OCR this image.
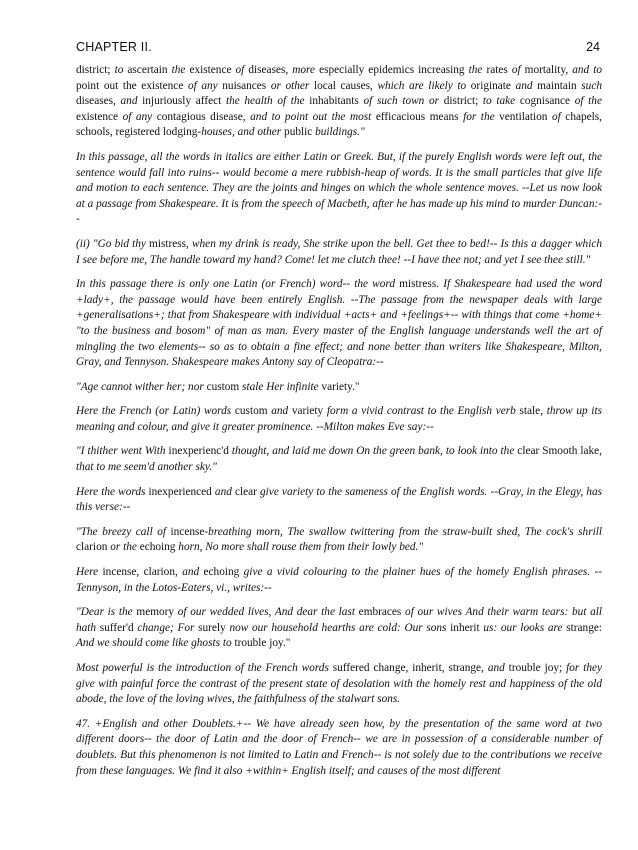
CHAPTER II.	24

district; to ascertain the existence of diseases, more especially epidemics increasing the rates of mortality, and to point out the existence of any nuisances or other local causes, which are likely to originate and maintain such diseases, and injuriously affect the health of the inhabitants of such town or district; to take cognisance of the existence of any contagious disease, and to point out the most efficacious means for the ventilation of chapels, schools, registered lodging-houses, and other public buildings."

In this passage, all the words in italics are either Latin or Greek. But, if the purely English words were left out, the sentence would fall into ruins-- would become a mere rubbish-heap of words. It is the small particles that give life and motion to each sentence. They are the joints and hinges on which the whole sentence moves. --Let us now look at a passage from Shakespeare. It is from the speech of Macbeth, after he has made up his mind to murder Duncan:--

(ii) "Go bid thy mistress, when my drink is ready, She strike upon the bell. Get thee to bed!-- Is this a dagger which I see before me, The handle toward my hand? Come! let me clutch thee! --I have thee not; and yet I see thee still."

In this passage there is only one Latin (or French) word-- the word mistress. If Shakespeare had used the word +lady+, the passage would have been entirely English. --The passage from the newspaper deals with large +generalisations+; that from Shakespeare with individual +acts+ and +feelings+-- with things that come +home+ "to the business and bosom" of man as man. Every master of the English language understands well the art of mingling the two elements-- so as to obtain a fine effect; and none better than writers like Shakespeare, Milton, Gray, and Tennyson. Shakespeare makes Antony say of Cleopatra:--

"Age cannot wither her; nor custom stale Her infinite variety."

Here the French (or Latin) words custom and variety form a vivid contrast to the English verb stale, throw up its meaning and colour, and give it greater prominence. --Milton makes Eve say:--

"I thither went With inexperienc'd thought, and laid me down On the green bank, to look into the clear Smooth lake, that to me seem'd another sky."

Here the words inexperienced and clear give variety to the sameness of the English words. --Gray, in the Elegy, has this verse:--

"The breezy call of incense-breathing morn, The swallow twittering from the straw-built shed, The cock's shrill clarion or the echoing horn, No more shall rouse them from their lowly bed."

Here incense, clarion, and echoing give a vivid colouring to the plainer hues of the homely English phrases. --Tennyson, in the Lotos-Eaters, vi., writes:--

"Dear is the memory of our wedded lives, And dear the last embraces of our wives And their warm tears: but all hath suffer'd change; For surely now our household hearths are cold: Our sons inherit us: our looks are strange: And we should come like ghosts to trouble joy."

Most powerful is the introduction of the French words suffered change, inherit, strange, and trouble joy; for they give with painful force the contrast of the present state of desolation with the homely rest and happiness of the old abode, the love of the loving wives, the faithfulness of the stalwart sons.

47. +English and other Doublets.+-- We have already seen how, by the presentation of the same word at two different doors-- the door of Latin and the door of French-- we are in possession of a considerable number of doublets. But this phenomenon is not limited to Latin and French-- is not solely due to the contributions we receive from these languages. We find it also +within+ English itself; and causes of the most different
